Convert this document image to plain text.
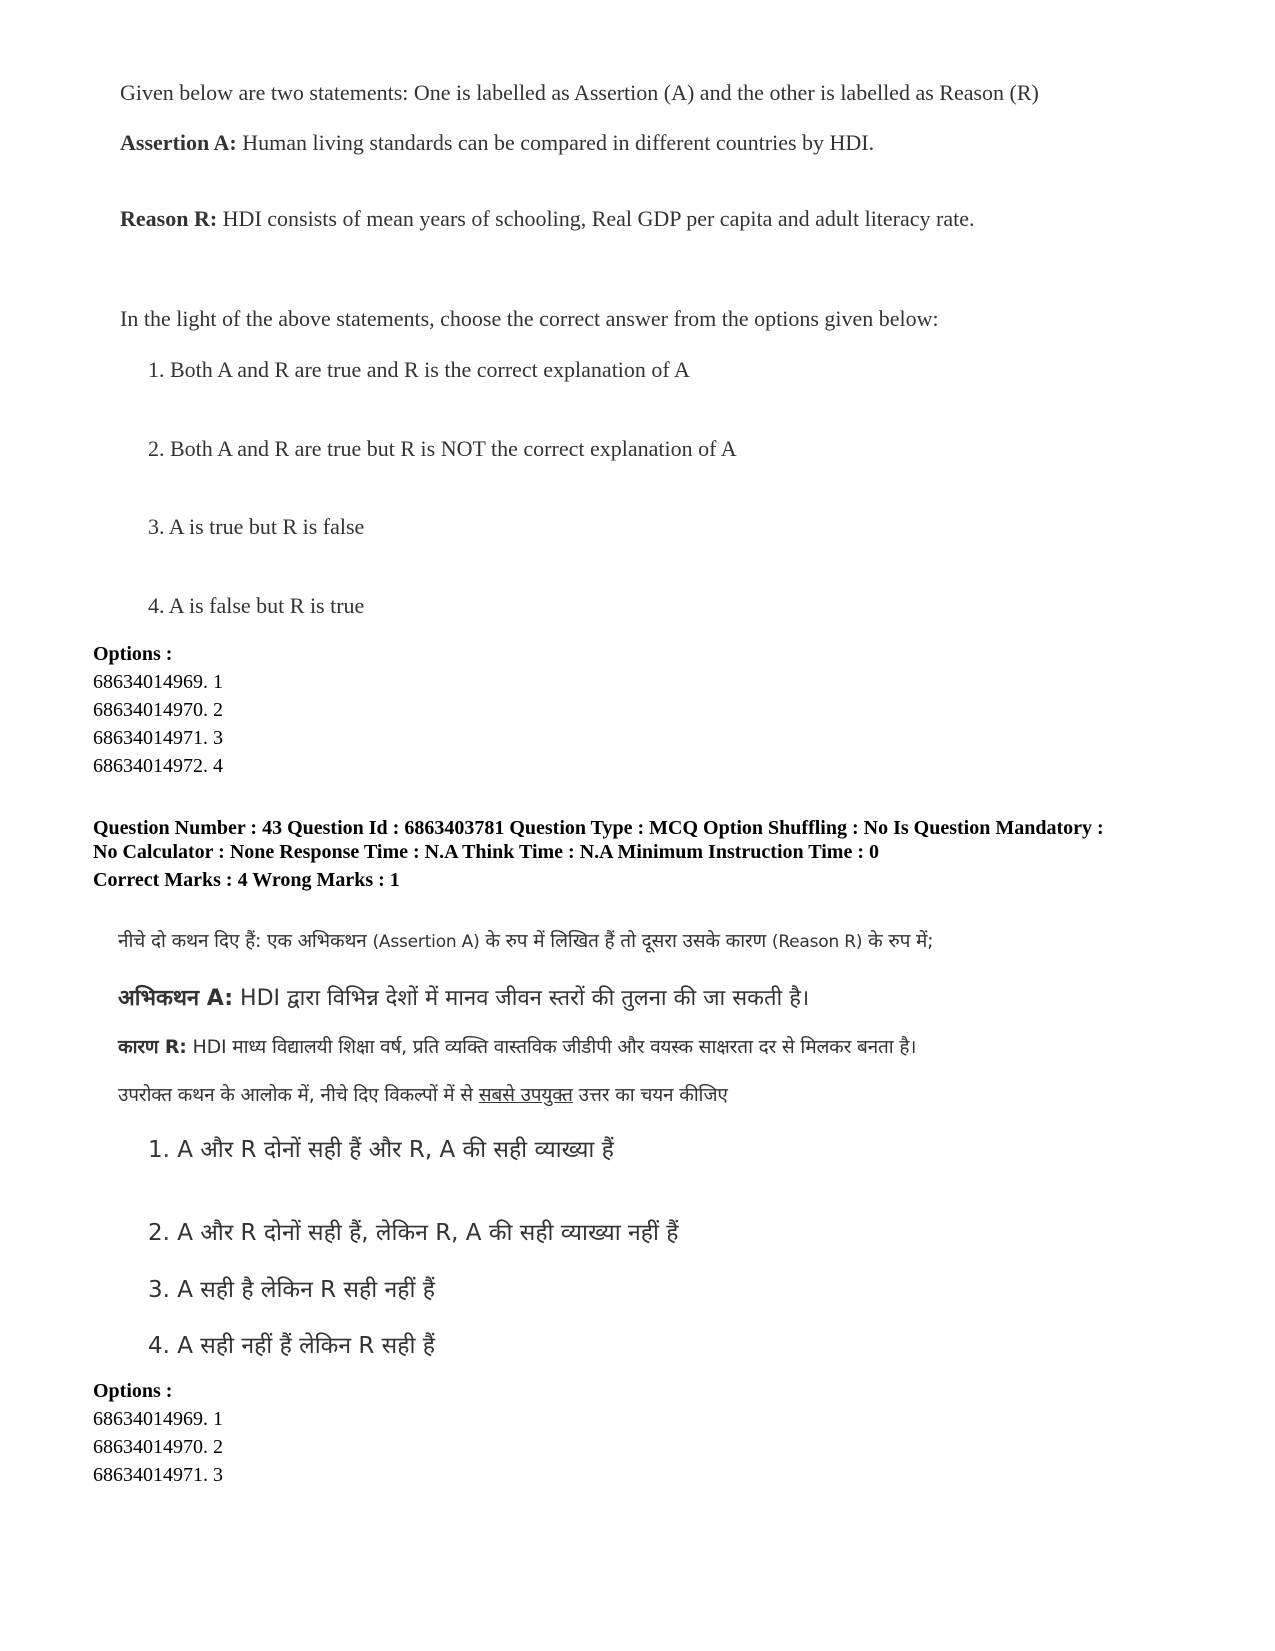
Given below are two statements: One is labelled as Assertion (A) and the other is labelled as Reason (R)
Assertion A: Human living standards can be compared in different countries by HDI.
Reason R: HDI consists of mean years of schooling, Real GDP per capita and adult literacy rate.
In the light of the above statements, choose the correct answer from the options given below:
1. Both A and R are true and R is the correct explanation of A
2. Both A and R are true but R is NOT the correct explanation of A
3. A is true but R is false
4. A is false but R is true
Options :
68634014969. 1
68634014970. 2
68634014971. 3
68634014972. 4
Question Number : 43 Question Id : 6863403781 Question Type : MCQ Option Shuffling : No Is Question Mandatory :
No Calculator : None Response Time : N.A Think Time : N.A Minimum Instruction Time : 0
Correct Marks : 4 Wrong Marks : 1
नीचे दो कथन दिए हैं: एक अभिकथन (Assertion A) के रुप में लिखित हैं तो दूसरा उसके कारण (Reason R) के रुप में;
अभिकथन A: HDI द्वारा विभिन्न देशों में मानव जीवन स्तरों की तुलना की जा सकती है।
कारण R: HDI माध्य विद्यालयी शिक्षा वर्ष, प्रति व्यक्ति वास्तविक जीडीपी और वयस्क साक्षरता दर से मिलकर बनता है।
उपरोक्त कथन के आलोक में, नीचे दिए विकल्पों में से सबसे उपयुक्त उत्तर का चयन कीजिए
1. A और R दोनों सही हैं और R, A की सही व्याख्या हैं
2. A और R दोनों सही हैं, लेकिन R, A की सही व्याख्या नहीं हैं
3. A सही है लेकिन R सही नहीं हैं
4. A सही नहीं हैं लेकिन R सही हैं
Options :
68634014969. 1
68634014970. 2
68634014971. 3
